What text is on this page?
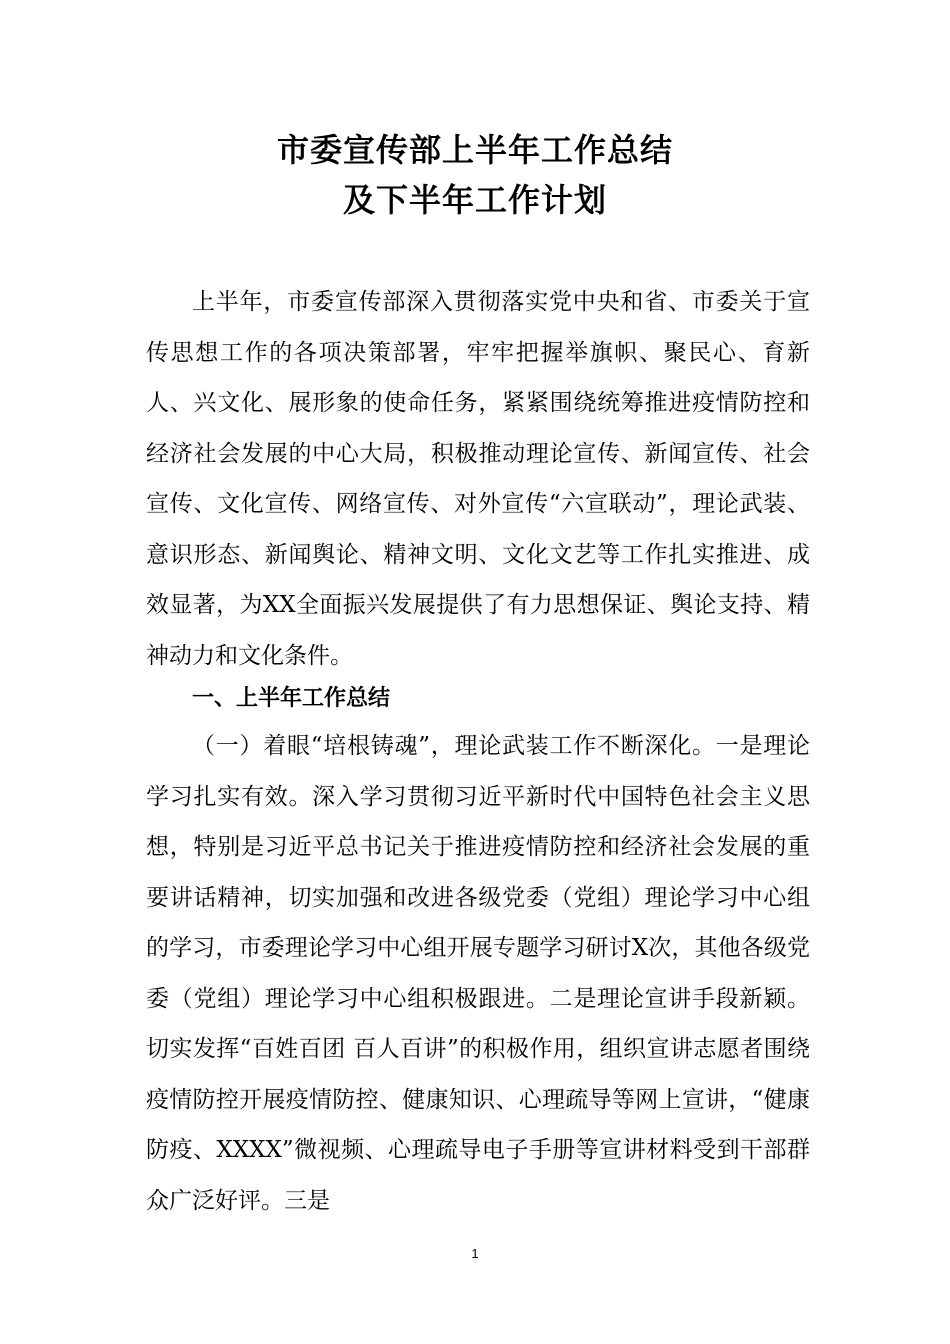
市委宣传部上半年工作总结
及下半年工作计划

上半年，市委宣传部深入贯彻落实党中央和省、市委关于宣传思想工作的各项决策部署，牢牢把握举旗帜、聚民心、育新人、兴文化、展形象的使命任务，紧紧围绕统筹推进疫情防控和经济社会发展的中心大局，积极推动理论宣传、新闻宣传、社会宣传、文化宣传、网络宣传、对外宣传“六宣联动”，理论武装、意识形态、新闻舆论、精神文明、文化文艺等工作扎实推进、成效显著，为XX全面振兴发展提供了有力思想保证、舆论支持、精神动力和文化条件。

一、上半年工作总结

（一）着眼“培根铸魂”，理论武装工作不断深化。一是理论学习扎实有效。深入学习贯彻习近平新时代中国特色社会主义思想，特别是习近平总书记关于推进疫情防控和经济社会发展的重要讲话精神，切实加强和改进各级党委（党组）理论学习中心组的学习，市委理论学习中心组开展专题学习研讨X次，其他各级党委（党组）理论学习中心组积极跟进。二是理论宣讲手段新颖。切实发挥“百姓百团 百人百讲”的积极作用，组织宣讲志愿者围绕疫情防控开展疫情防控、健康知识、心理疏导等网上宣讲，“健康防疫、XXXX”微视频、心理疏导电子手册等宣讲材料受到干部群众广泛好评。三是

1
